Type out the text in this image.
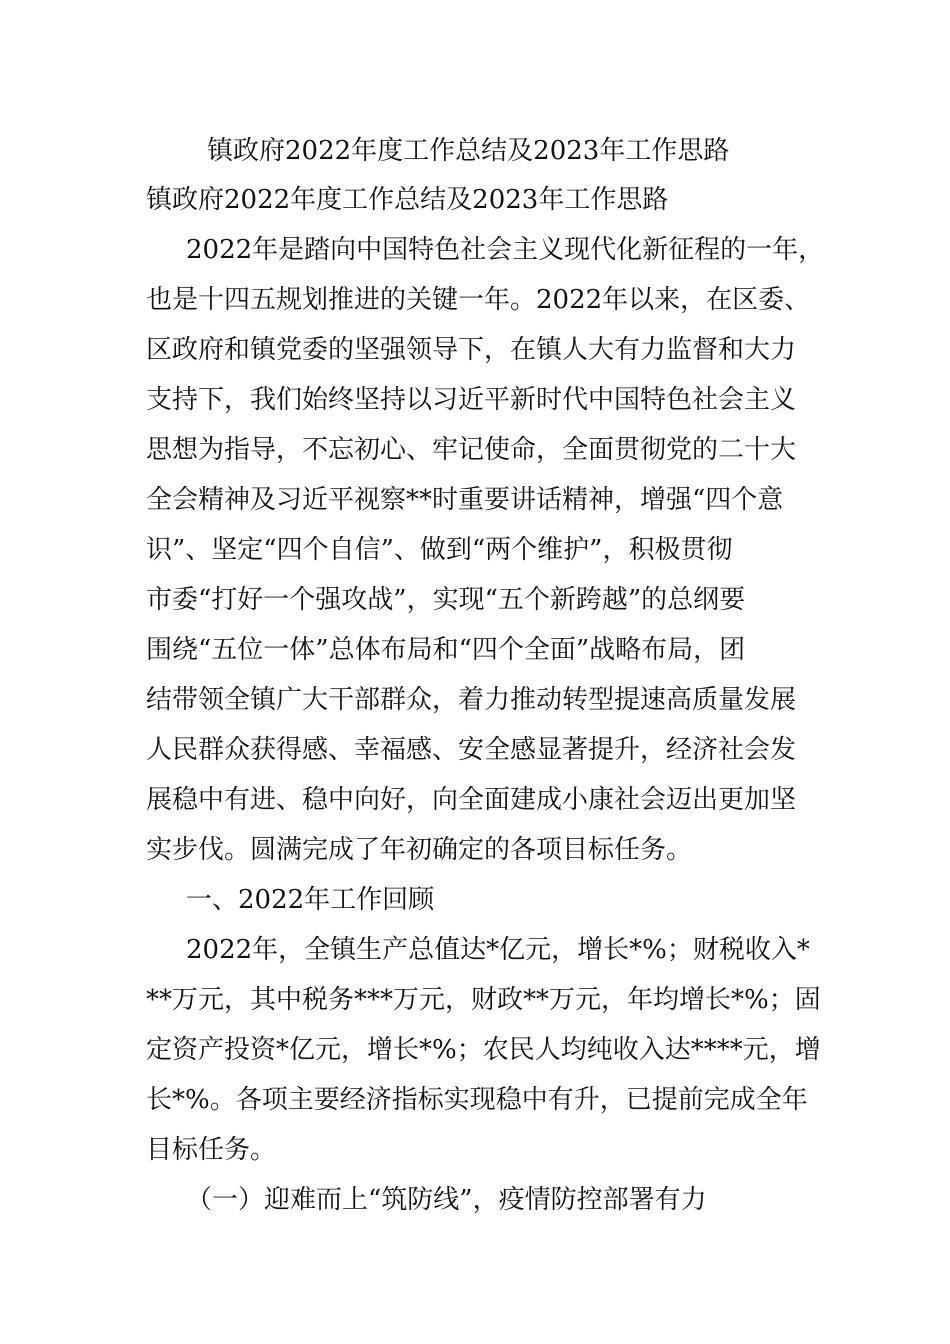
镇政府2022年度工作总结及2023年工作思路
镇政府2022年度工作总结及2023年工作思路
2022年是踏向中国特色社会主义现代化新征程的一年，
也是十四五规划推进的关键一年。2022年以来，在区委、
区政府和镇党委的坚强领导下，在镇人大有力监督和大力
支持下，我们始终坚持以习近平新时代中国特色社会主义
思想为指导，不忘初心、牢记使命，全面贯彻党的二十大
全会精神及习近平视察**时重要讲话精神，增强“四个意
识”、坚定“四个自信”、做到“两个维护”，积极贯彻
市委“打好一个强攻战”，实现“五个新跨越”的总纲要
围绕“五位一体”总体布局和“四个全面”战略布局，团
结带领全镇广大干部群众，着力推动转型提速高质量发展
人民群众获得感、幸福感、安全感显著提升，经济社会发
展稳中有进、稳中向好，向全面建成小康社会迈出更加坚
实步伐。圆满完成了年初确定的各项目标任务。
一、2022年工作回顾
2022年，全镇生产总值达*亿元，增长*%；财税收入*
**万元，其中税务***万元，财政**万元，年均增长*%；固
定资产投资*亿元，增长*%；农民人均纯收入达****元，增
长*%。各项主要经济指标实现稳中有升，已提前完成全年
目标任务。
（一）迎难而上“筑防线”，疫情防控部署有力
